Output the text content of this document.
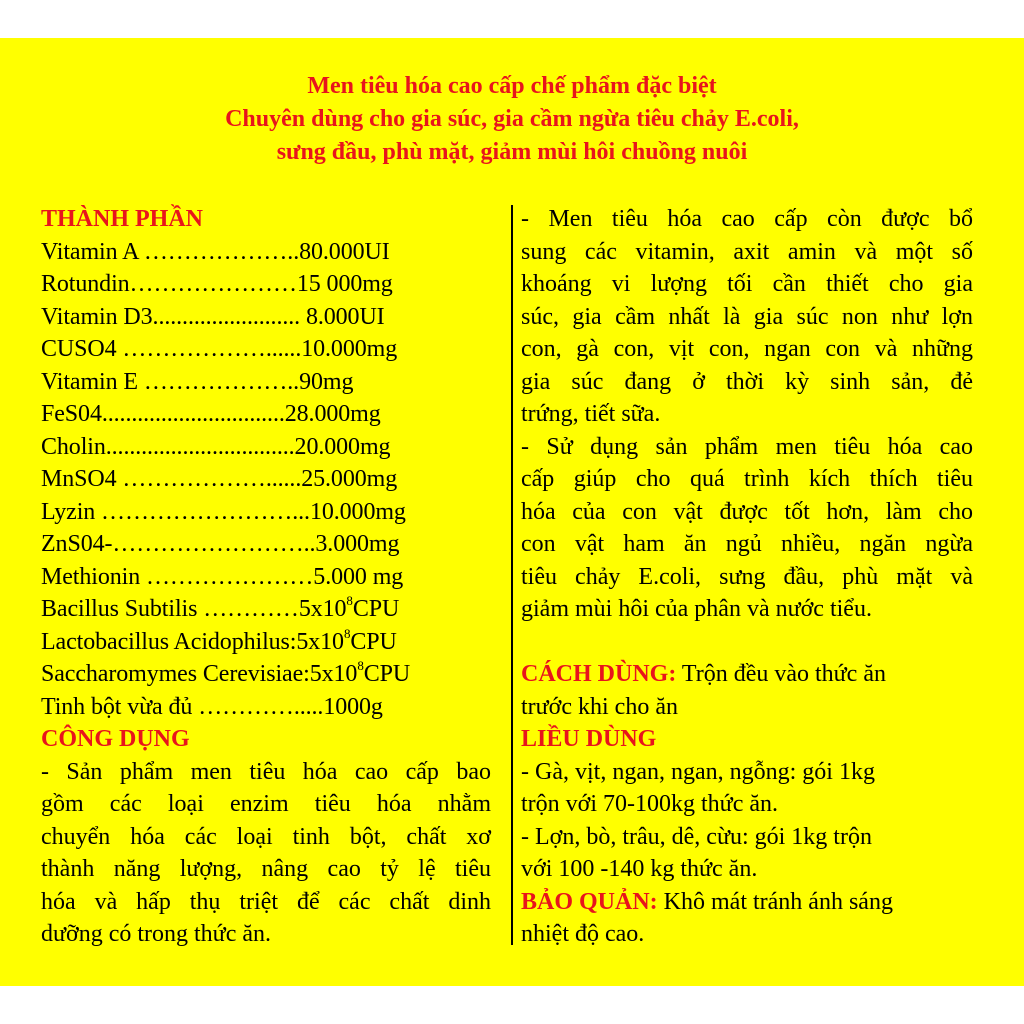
Men tiêu hóa cao cấp chế phẩm đặc biệt
Chuyên dùng cho gia súc, gia cầm ngừa tiêu chảy E.coli,
sưng đầu, phù mặt, giảm mùi hôi chuồng nuôi
THÀNH PHẦN
Vitamin A ………………..80.000UI
Rotundin…………………15 000mg
Vitamin D3......................... 8.000UI
CUSO4 ………………......10.000mg
Vitamin E ………………..90mg
FeS04...............................28.000mg
Cholin................................20.000mg
MnSO4 ………………......25.000mg
Lyzin ……………………...10.000mg
ZnS04-……………………..3.000mg
Methionin …………………5.000 mg
Bacillus Subtilis $\dots\dots\dots\dots 5x10^8CPU$
Lactobacillus $Acidophilus:5x10^8CPU$
Saccharomymes $Cerevisiae:5x10^8CPU$
Tinh bột vừa đủ ………….....1000g
CÔNG DỤNG
- Sản phẩm men tiêu hóa cao cấp bao
gồm các loại enzim tiêu hóa nhằm
chuyển hóa các loại tinh bột, chất xơ
thành năng lượng, nâng cao tỷ lệ tiêu
hóa và hấp thụ triệt để các chất dinh
dưỡng có trong thức ăn.
- Men tiêu hóa cao cấp còn được bổ
sung các vitamin, axit amin và một số
khoáng vi lượng tối cần thiết cho gia
súc, gia cầm nhất là gia súc non như lợn
con, gà con, vịt con, ngan con và những
gia súc đang ở thời kỳ sinh sản, đẻ
trứng, tiết sữa.
- Sử dụng sản phẩm men tiêu hóa cao
cấp giúp cho quá trình kích thích tiêu
hóa của con vật được tốt hơn, làm cho
con vật ham ăn ngủ nhiều, ngăn ngừa
tiêu chảy E.coli, sưng đầu, phù mặt và
giảm mùi hôi của phân và nước tiểu.
CÁCH DÙNG: Trộn đều vào thức ăn
trước khi cho ăn
LIỀU DÙNG
- Gà, vịt, ngan, ngan, ngỗng: gói 1kg
trộn với 70-100kg thức ăn.
- Lợn, bò, trâu, dê, cừu: gói 1kg trộn
với 100 -140 kg thức ăn.
BẢO QUẢN: Khô mát tránh ánh sáng
nhiệt độ cao.
